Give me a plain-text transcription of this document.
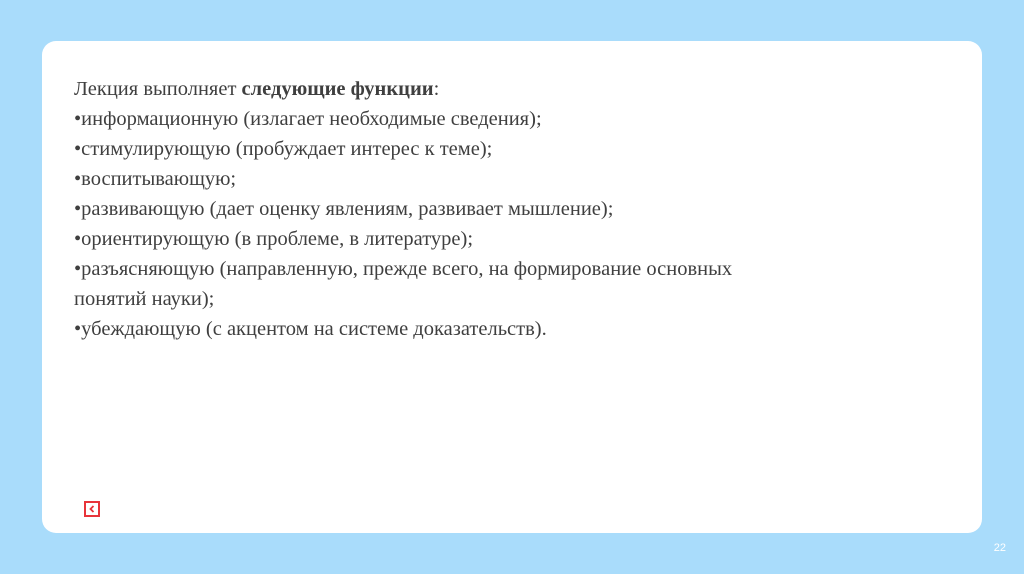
Лекция выполняет следующие функции:
•информационную (излагает необходимые сведения);
•стимулирующую (пробуждает интерес к теме);
•воспитывающую;
•развивающую (дает оценку явлениям, развивает мышление);
•ориентирующую (в проблеме, в литературе);
•разъясняющую (направленную, прежде всего, на формирование основных
понятий науки);
•убеждающую (с акцентом на системе доказательств).
22
